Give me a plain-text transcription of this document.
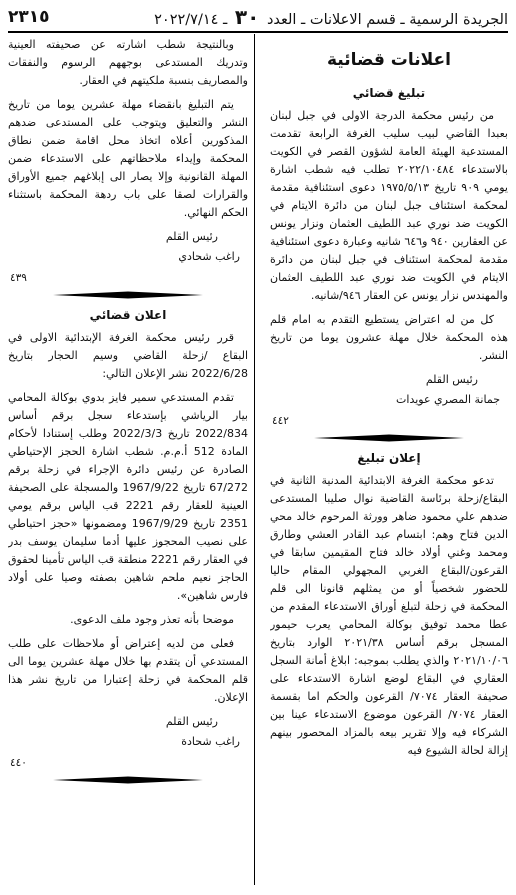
الجريدة الرسمية ـ قسم الاعلانات ـ العدد ٣٠ ـ ٢٠٢٢/٧/١٤
٢٣١٥
اعلانات قضائية
تبليغ قضائي

من رئيس محكمة الدرجة الاولى في جبل لبنان بعبدا القاضي لبيب سليب الغرفة الرابعة تقدمت المستدعية الهيئة العامة لشؤون القصر في الكويت بالاستدعاء ٢٠٢٢/١٠٤٨٤ تطلب فيه شطب اشارة يومي ٩٠٩ تاريخ ١٩٧٥/٥/١٣ دعوى استئنافية مقدمة لمحكمة استئناف جبل لبنان من دائرة الايتام في الكويت ضد نوري عبد اللطيف العثمان ونزار يونس عن العقارين ٩٤٠ و٦٤٦ شانيه وعبارة دعوى استئنافية مقدمة لمحكمة استئناف في جبل لبنان من دائرة الايتام في الكويت ضد نوري عبد اللطيف العثمان والمهندس نزار يونس عن العقار ٩٤٦/شانيه.

كل من له اعتراض يستطيع التقدم به امام قلم هذه المحكمة خلال مهلة عشرون يوما من تاريخ النشر.

رئيس القلم
جمانة المصري عويدات
٤٤٢
إعلان تبليغ

تدعو محكمة الغرفة الابتدائية المدنية الثانية في البقاع/زحلة برئاسة القاضية نوال صليبا المستدعى ضدهم علي محمود ضاهر وورثة المرحوم خالد محي الدين فتاح وهم: ابتسام عبد القادر العشي وطارق ومحمد وغني أولاد خالد فتاح المقيمين سابقا في القرعون/البقاع الغربي المجهولي المقام حاليا للحضور شخصياً أو من يمثلهم قانونا الى قلم المحكمة في زحلة لتبلغ أوراق الاستدعاء المقدم من عطا محمد توفيق بوكالة المحامي يعرب حيمور المسجل برقم أساس ٢٠٢١/٣٨ الوارد بتاريخ ٢٠٢١/١٠/٠٦ والذي يطلب بموجبه: ابلاغ أمانة السجل العقاري في البقاع لوضع اشارة الاستدعاء على صحيفة العقار ٧٠٧٤/ القرعون والحكم اما بقسمة العقار ٧٠٧٤/ القرعون موضوع الاستدعاء عينا بين الشركاء فيه وإلا تقرير بيعه بالمزاد المحصور بينهم إزالة لحالة الشيوع فيه

وبالنتيجة شطب اشارته عن صحيفته العينية وتدريك المستدعى بوجههم الرسوم والنفقات والمصاريف بنسبة ملكيتهم في العقار.

يتم التبليغ بانقضاء مهلة عشرين يوما من تاريخ النشر والتعليق ويتوجب على المستدعى ضدهم المذكورين أعلاه اتخاذ محل اقامة ضمن نطاق المحكمة وإيداء ملاحظاتهم على الاستدعاء ضمن المهلة القانونية وإلا يصار الى إبلاغهم جميع الأوراق والقرارات لصقا على باب ردهة المحكمة باستثناء الحكم النهائي.

رئيس القلم
راغب شحادي
٤٣٩
اعلان قضائي

قرر رئيس محكمة الغرفة الإبتدائية الاولى في البقاع /زحلة القاضي وسيم الحجار بتاريخ 2022/6/28 نشر الإعلان التالي:

تقدم المستدعي سمير فايز بدوي بوكالة المحامي بيار الرياشي بإستدعاء سجل برقم أساس 2022/834 تاريخ 2022/3/3 وطلب إستنادا لأحكام المادة 512 أ.م.م. شطب اشارة الحجز الإحتياطي الصادرة عن رئيس دائرة الإجراء في زحلة برقم 67/272 تاريخ 1967/9/22 والمسجلة على الصحيفة العينية للعقار رقم 2221 قب الياس برقم يومي 2351 تاريخ 1967/9/29 ومضمونها «حجز احتياطي على نصيب المحجوز عليها أدما سليمان يوسف بدر في العقار رقم 2221 منطقة قب الياس تأمينا لحقوق الحاجز نعيم ملحم شاهين بصفته وصيا على أولاد فارس شاهين».

موضحا بأنه تعذر وجود ملف الدعوى.

فعلى من لديه إعتراض أو ملاحظات على طلب المستدعي أن يتقدم بها خلال مهلة عشرين يوما الى قلم المحكمة في زحلة إعتبارا من تاريخ نشر هذا الإعلان.

رئيس القلم
راغب شحادة
٤٤٠
